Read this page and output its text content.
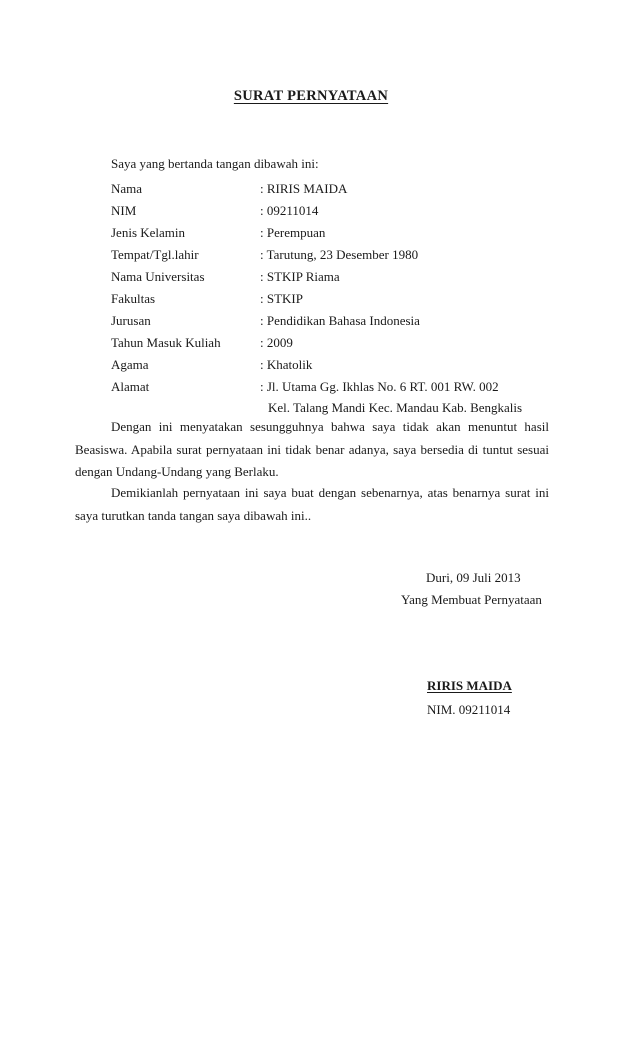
SURAT PERNYATAAN
Saya yang bertanda tangan dibawah ini:
Nama	: RIRIS MAIDA
NIM	: 09211014
Jenis Kelamin	: Perempuan
Tempat/Tgl.lahir	: Tarutung, 23 Desember 1980
Nama Universitas	: STKIP Riama
Fakultas	: STKIP
Jurusan	: Pendidikan Bahasa Indonesia
Tahun Masuk Kuliah	: 2009
Agama	: Khatolik
Alamat	: Jl. Utama Gg. Ikhlas No. 6 RT. 001 RW. 002
Kel. Talang Mandi Kec. Mandau Kab. Bengkalis
Dengan ini menyatakan sesungguhnya bahwa saya tidak akan menuntut hasil Beasiswa. Apabila surat pernyataan ini tidak benar adanya, saya bersedia di tuntut sesuai dengan Undang-Undang yang Berlaku.
Demikianlah pernyataan ini saya buat dengan sebenarnya, atas benarnya surat ini saya turutkan tanda tangan saya dibawah ini..
Duri, 09 Juli 2013
Yang Membuat Pernyataan
RIRIS MAIDA
NIM. 09211014
